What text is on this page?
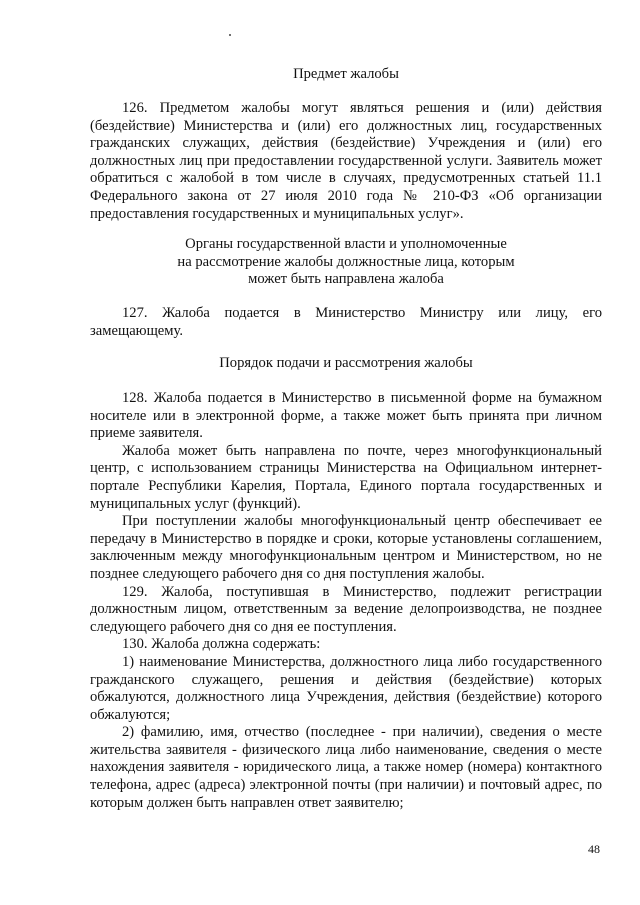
Предмет жалобы

126. Предметом жалобы могут являться решения и (или) действия (бездействие) Министерства и (или) его должностных лиц, государственных гражданских служащих, действия (бездействие) Учреждения и (или) его должностных лиц при предоставлении государственной услуги. Заявитель может обратиться с жалобой в том числе в случаях, предусмотренных статьей 11.1 Федерального закона от 27 июля 2010 года № 210-ФЗ «Об организации предоставления государственных и муниципальных услуг».

Органы государственной власти и уполномоченные
на рассмотрение жалобы должностные лица, которым
может быть направлена жалоба

127. Жалоба подается в Министерство Министру или лицу, его замещающему.

Порядок подачи и рассмотрения жалобы

128. Жалоба подается в Министерство в письменной форме на бумажном носителе или в электронной форме, а также может быть принята при личном приеме заявителя.

Жалоба может быть направлена по почте, через многофункциональный центр, с использованием страницы Министерства на Официальном интернет-портале Республики Карелия, Портала, Единого портала государственных и муниципальных услуг (функций).

При поступлении жалобы многофункциональный центр обеспечивает ее передачу в Министерство в порядке и сроки, которые установлены соглашением, заключенным между многофункциональным центром и Министерством, но не позднее следующего рабочего дня со дня поступления жалобы.

129. Жалоба, поступившая в Министерство, подлежит регистрации должностным лицом, ответственным за ведение делопроизводства, не позднее следующего рабочего дня со дня ее поступления.

130. Жалоба должна содержать:

1) наименование Министерства, должностного лица либо государственного гражданского служащего, решения и действия (бездействие) которых обжалуются, должностного лица Учреждения, действия (бездействие) которого обжалуются;

2) фамилию, имя, отчество (последнее - при наличии), сведения о месте жительства заявителя - физического лица либо наименование, сведения о месте нахождения заявителя - юридического лица, а также номер (номера) контактного телефона, адрес (адреса) электронной почты (при наличии) и почтовый адрес, по которым должен быть направлен ответ заявителю;

48
